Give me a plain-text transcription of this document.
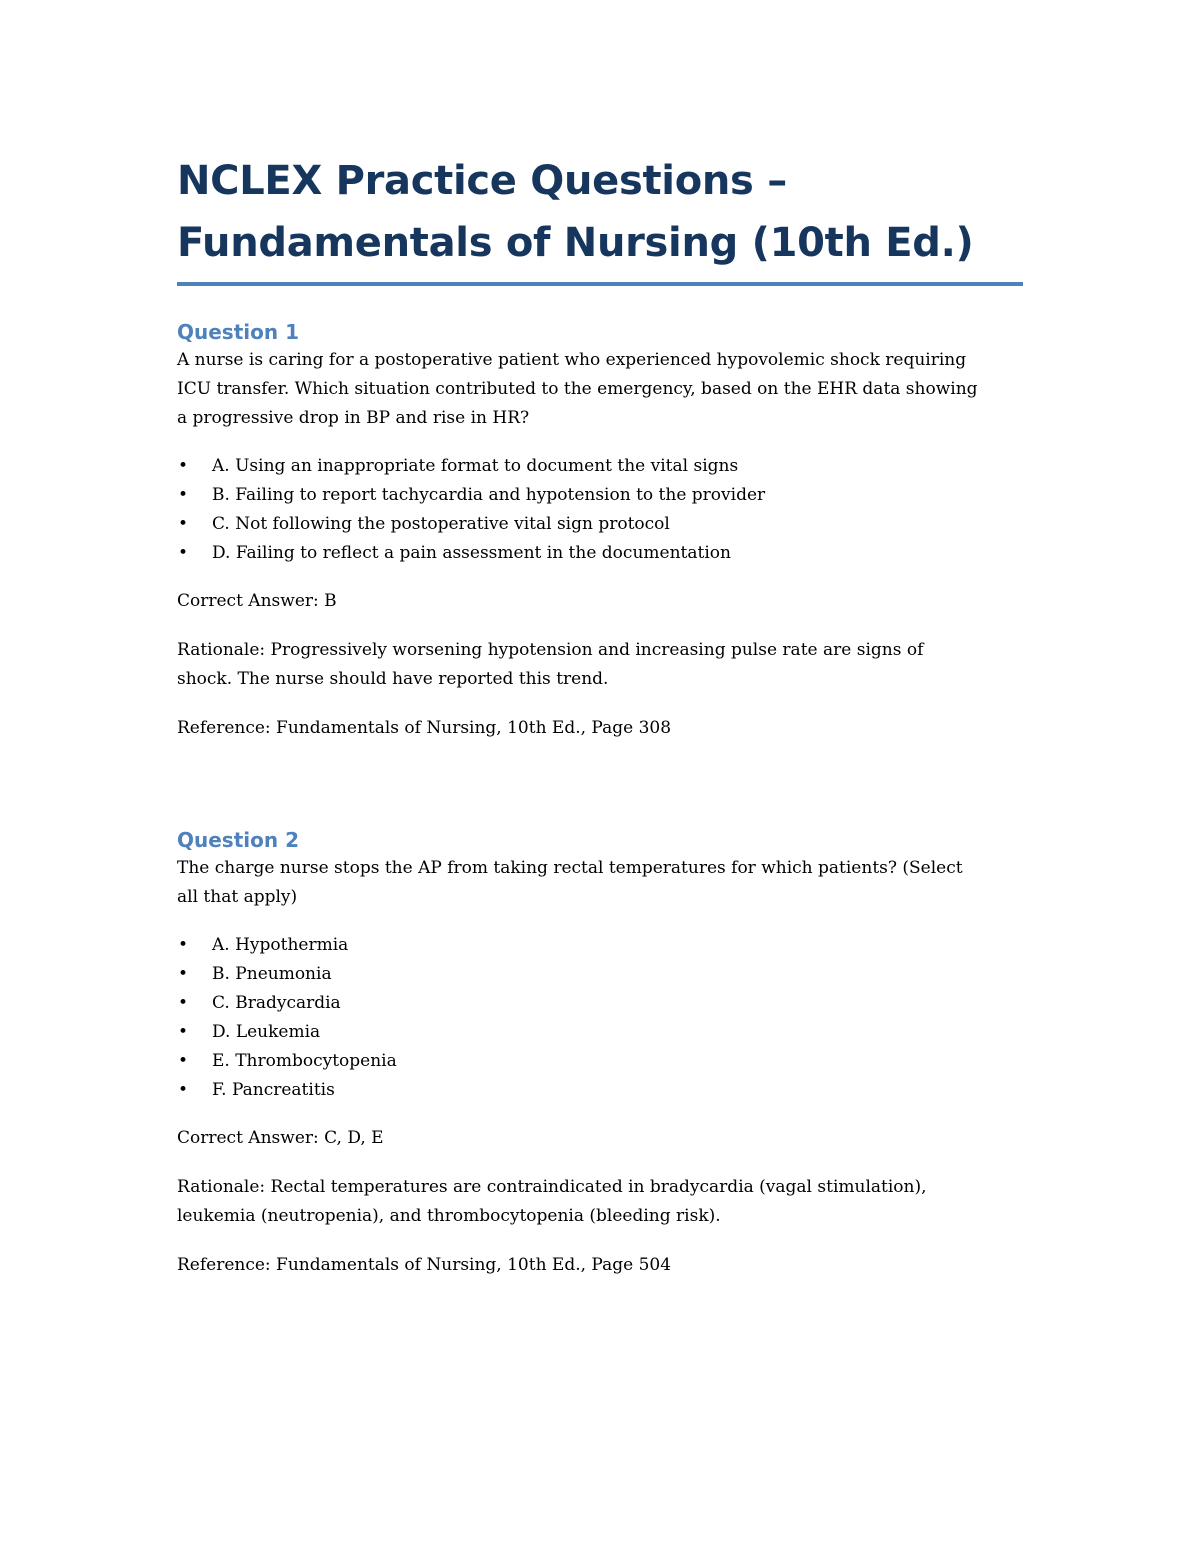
NCLEX Practice Questions –
Fundamentals of Nursing (10th Ed.)
Question 1

A nurse is caring for a postoperative patient who experienced hypovolemic shock requiring
ICU transfer. Which situation contributed to the emergency, based on the EHR data showing
a progressive drop in BP and rise in HR?

• A. Using an inappropriate format to document the vital signs
• B. Failing to report tachycardia and hypotension to the provider
• C. Not following the postoperative vital sign protocol
• D. Failing to reflect a pain assessment in the documentation

Correct Answer: B

Rationale: Progressively worsening hypotension and increasing pulse rate are signs of
shock. The nurse should have reported this trend.

Reference: Fundamentals of Nursing, 10th Ed., Page 308

Question 2

The charge nurse stops the AP from taking rectal temperatures for which patients? (Select
all that apply)

• A. Hypothermia
• B. Pneumonia
• C. Bradycardia
• D. Leukemia
• E. Thrombocytopenia
• F. Pancreatitis

Correct Answer: C, D, E

Rationale: Rectal temperatures are contraindicated in bradycardia (vagal stimulation),
leukemia (neutropenia), and thrombocytopenia (bleeding risk).

Reference: Fundamentals of Nursing, 10th Ed., Page 504
